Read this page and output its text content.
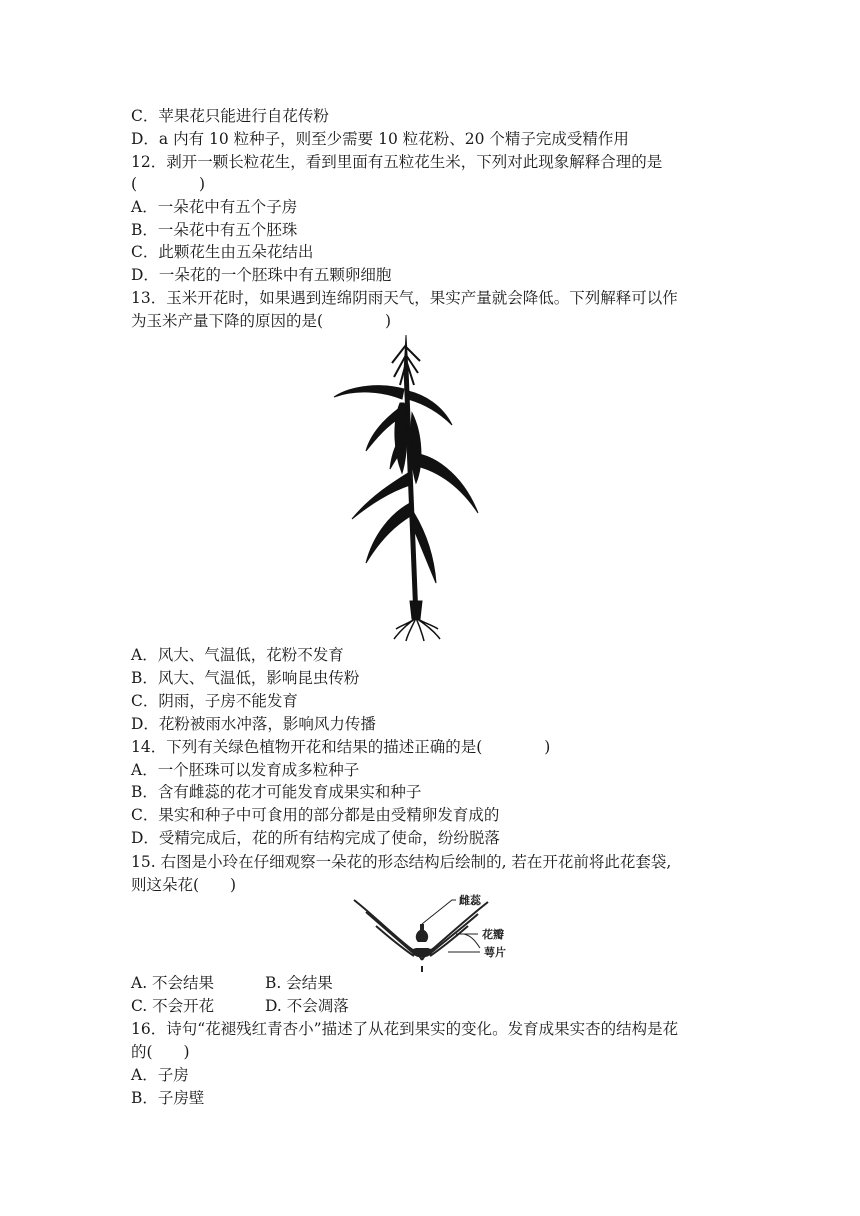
C．苹果花只能进行自花传粉
D．a 内有 10 粒种子，则至少需要 10 粒花粉、20 个精子完成受精作用
12．剥开一颗长粒花生，看到里面有五粒花生米，下列对此现象解释合理的是
(　　　　)
A．一朵花中有五个子房
B．一朵花中有五个胚珠
C．此颗花生由五朵花结出
D．一朵花的一个胚珠中有五颗卵细胞
13．玉米开花时，如果遇到连绵阴雨天气，果实产量就会降低。下列解释可以作
为玉米产量下降的原因的是(　　　　)
A．风大、气温低，花粉不发育
B．风大、气温低，影响昆虫传粉
C．阴雨，子房不能发育
D．花粉被雨水冲落，影响风力传播
14．下列有关绿色植物开花和结果的描述正确的是(　　　　)
A．一个胚珠可以发育成多粒种子
B．含有雌蕊的花才可能发育成果实和种子
C．果实和种子中可食用的部分都是由受精卵发育成的
D．受精完成后，花的所有结构完成了使命，纷纷脱落
15. 右图是小玲在仔细观察一朵花的形态结构后绘制的, 若在开花前将此花套袋,
则这朵花(　　)
雌蕊
花瓣
萼片
A. 不会结果	B. 会结果
C. 不会开花	D. 不会凋落
16．诗句“花褪残红青杏小”描述了从花到果实的变化。发育成果实杏的结构是花
的(　　)
A．子房
B．子房壁
